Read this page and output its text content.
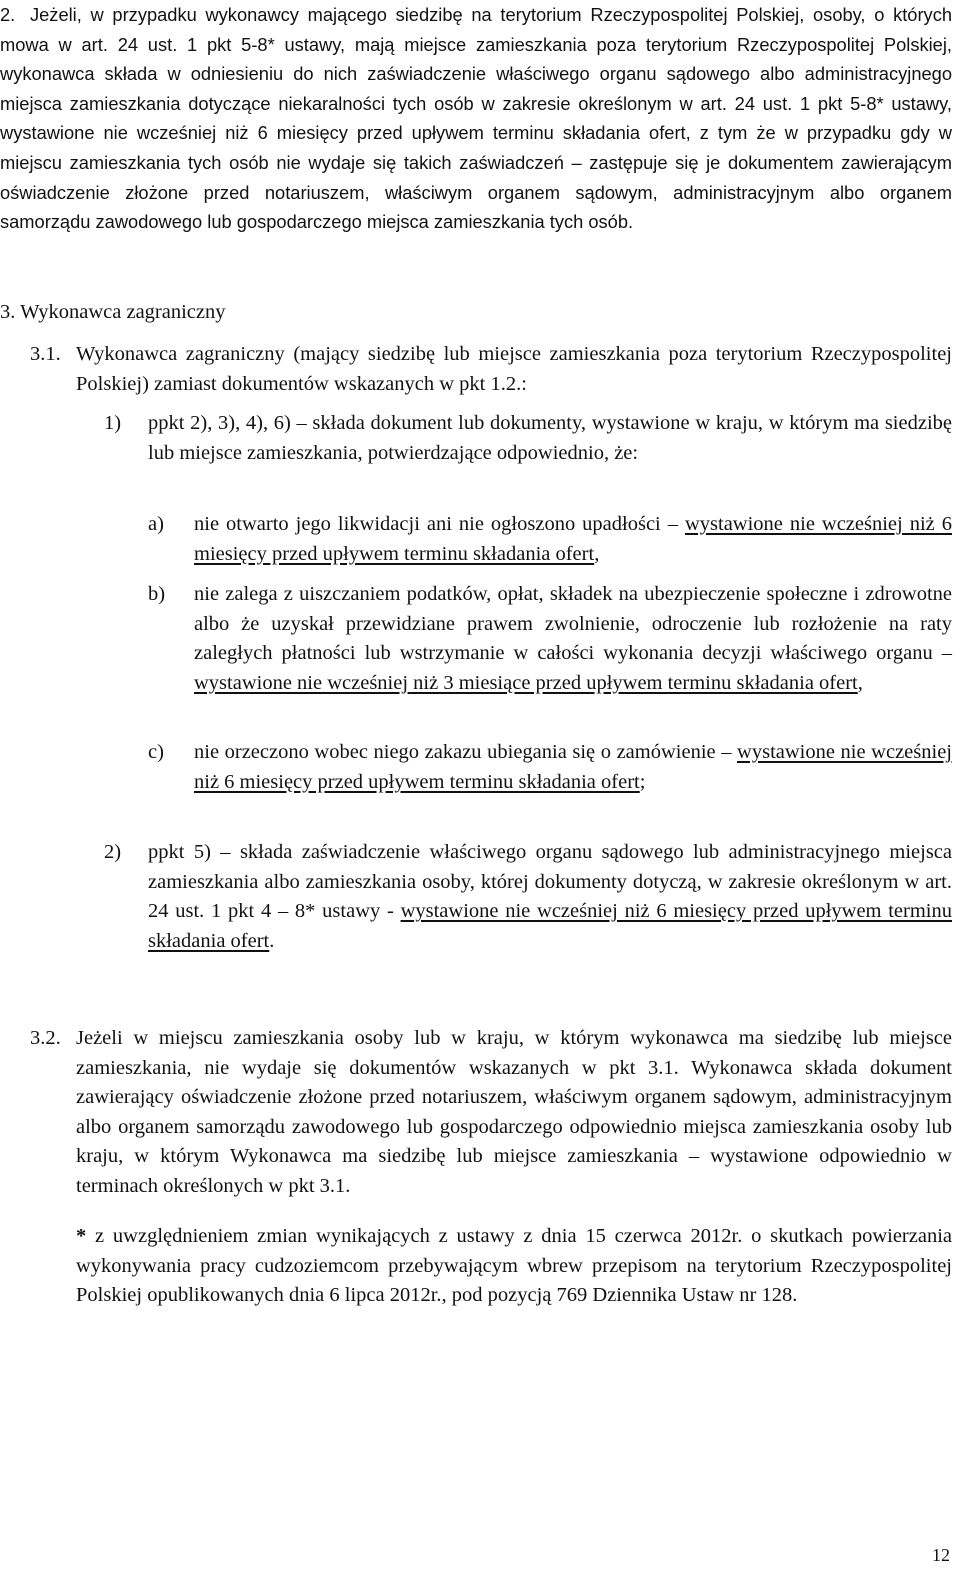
2. Jeżeli, w przypadku wykonawcy mającego siedzibę na terytorium Rzeczypospolitej Polskiej, osoby, o których mowa w art. 24 ust. 1 pkt 5-8* ustawy, mają miejsce zamieszkania poza terytorium Rzeczypospolitej Polskiej, wykonawca składa w odniesieniu do nich zaświadczenie właściwego organu sądowego albo administracyjnego miejsca zamieszkania dotyczące niekaralności tych osób w zakresie określonym w art. 24 ust. 1 pkt 5-8* ustawy, wystawione nie wcześniej niż 6 miesięcy przed upływem terminu składania ofert, z tym że w przypadku gdy w miejscu zamieszkania tych osób nie wydaje się takich zaświadczeń – zastępuje się je dokumentem zawierającym oświadczenie złożone przed notariuszem, właściwym organem sądowym, administracyjnym albo organem samorządu zawodowego lub gospodarczego miejsca zamieszkania tych osób.

3. Wykonawca zagraniczny

3.1. Wykonawca zagraniczny (mający siedzibę lub miejsce zamieszkania poza terytorium Rzeczypospolitej Polskiej) zamiast dokumentów wskazanych w pkt 1.2.:

1)	ppkt 2), 3), 4), 6) – składa dokument lub dokumenty, wystawione w kraju, w którym ma siedzibę lub miejsce zamieszkania, potwierdzające odpowiednio, że:

a)	nie otwarto jego likwidacji ani nie ogłoszono upadłości – wystawione nie wcześniej niż 6 miesięcy przed upływem terminu składania ofert,

b)	nie zalega z uiszczaniem podatków, opłat, składek na ubezpieczenie społeczne i zdrowotne albo że uzyskał przewidziane prawem zwolnienie, odroczenie lub rozłożenie na raty zaległych płatności lub wstrzymanie w całości wykonania decyzji właściwego organu – wystawione nie wcześniej niż 3 miesiące przed upływem terminu składania ofert,

c)	nie orzeczono wobec niego zakazu ubiegania się o zamówienie – wystawione nie wcześniej niż 6 miesięcy przed upływem terminu składania ofert;

2)	ppkt 5) – składa zaświadczenie właściwego organu sądowego lub administracyjnego miejsca zamieszkania albo zamieszkania osoby, której dokumenty dotyczą, w zakresie określonym w art. 24 ust. 1 pkt 4 – 8* ustawy - wystawione nie wcześniej niż 6 miesięcy przed upływem terminu składania ofert.

3.2. Jeżeli w miejscu zamieszkania osoby lub w kraju, w którym wykonawca ma siedzibę lub miejsce zamieszkania, nie wydaje się dokumentów wskazanych w pkt 3.1. Wykonawca składa dokument zawierający oświadczenie złożone przed notariuszem, właściwym organem sądowym, administracyjnym albo organem samorządu zawodowego lub gospodarczego odpowiednio miejsca zamieszkania osoby lub kraju, w którym Wykonawca ma siedzibę lub miejsce zamieszkania – wystawione odpowiednio w terminach określonych w pkt 3.1.

* z uwzględnieniem zmian wynikających z ustawy z dnia 15 czerwca 2012r. o skutkach powierzania wykonywania pracy cudzoziemcom przebywającym wbrew przepisom na terytorium Rzeczypospolitej Polskiej opublikowanych dnia 6 lipca 2012r., pod pozycją 769 Dziennika Ustaw nr 128.

12
